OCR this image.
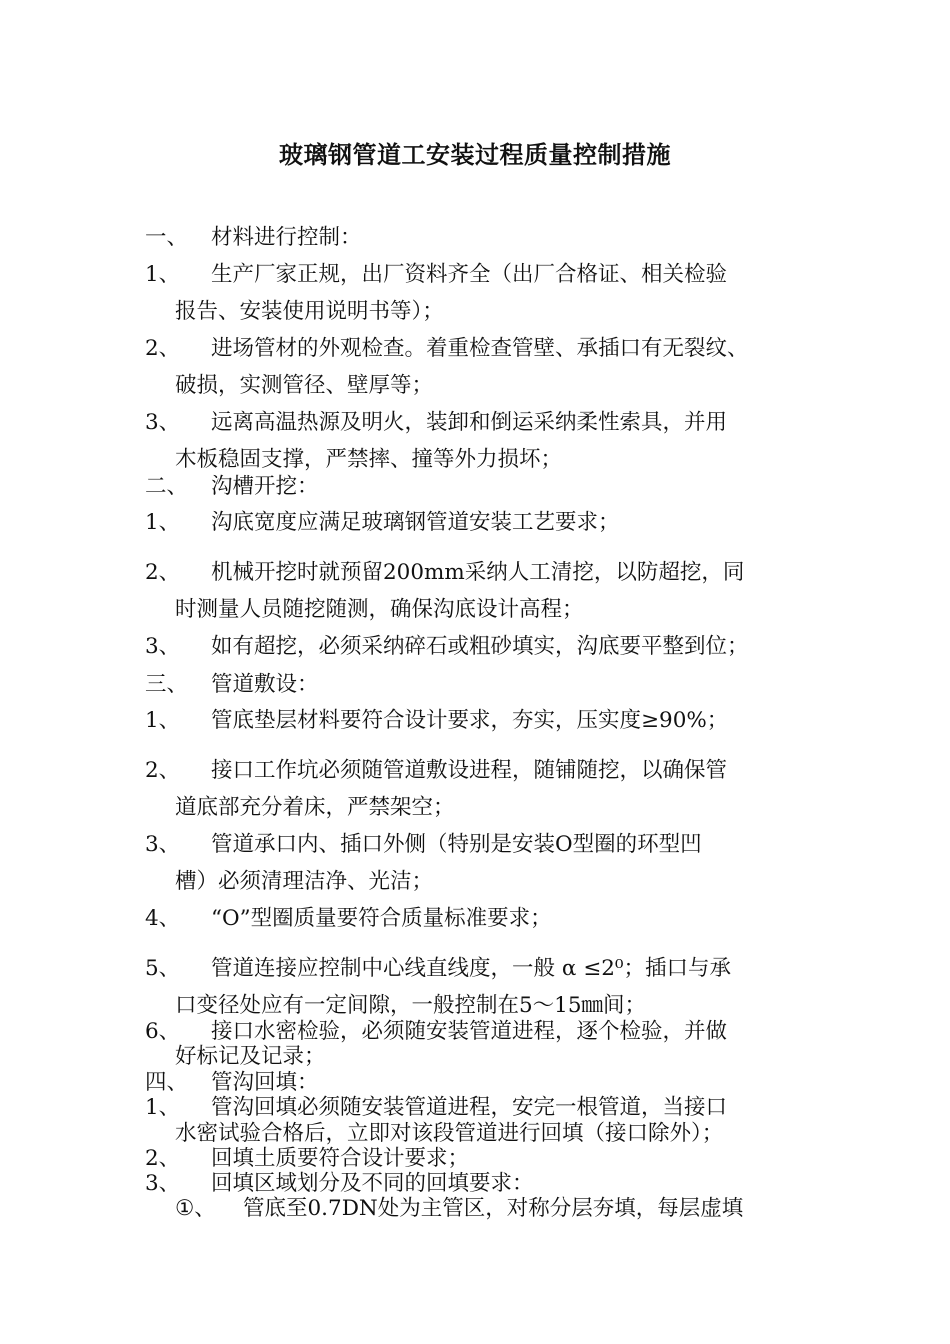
玻璃钢管道工安装过程质量控制措施
一、 材料进行控制：
1、 生产厂家正规，出厂资料齐全（出厂合格证、相关检验
报告、安装使用说明书等）；
2、 进场管材的外观检查。着重检查管壁、承插口有无裂纹、
破损，实测管径、壁厚等；
3、 远离高温热源及明火，装卸和倒运采纳柔性索具，并用
木板稳固支撑，严禁摔、撞等外力损坏；
二、 沟槽开挖：
1、 沟底宽度应满足玻璃钢管道安装工艺要求；
2、 机械开挖时就预留200mm采纳人工清挖，以防超挖，同
时测量人员随挖随测，确保沟底设计高程；
3、 如有超挖，必须采纳碎石或粗砂填实，沟底要平整到位；
三、 管道敷设：
1、 管底垫层材料要符合设计要求，夯实，压实度≥90%；
2、 接口工作坑必须随管道敷设进程，随铺随挖，以确保管
道底部充分着床，严禁架空；
3、 管道承口内、插口外侧（特别是安装O型圈的环型凹
槽）必须清理洁净、光洁；
4、 “O”型圈质量要符合质量标准要求；
5、 管道连接应控制中心线直线度，一般 α ≤2⁰；插口与承
口变径处应有一定间隙，一般控制在5～15㎜间；
6、 接口水密检验，必须随安装管道进程，逐个检验，并做
好标记及记录；
四、 管沟回填：
1、 管沟回填必须随安装管道进程，安完一根管道，当接口
水密试验合格后，立即对该段管道进行回填（接口除外）；
2、 回填土质要符合设计要求；
3、 回填区域划分及不同的回填要求：
①、 管底至0.7DN处为主管区，对称分层夯填，每层虚填
